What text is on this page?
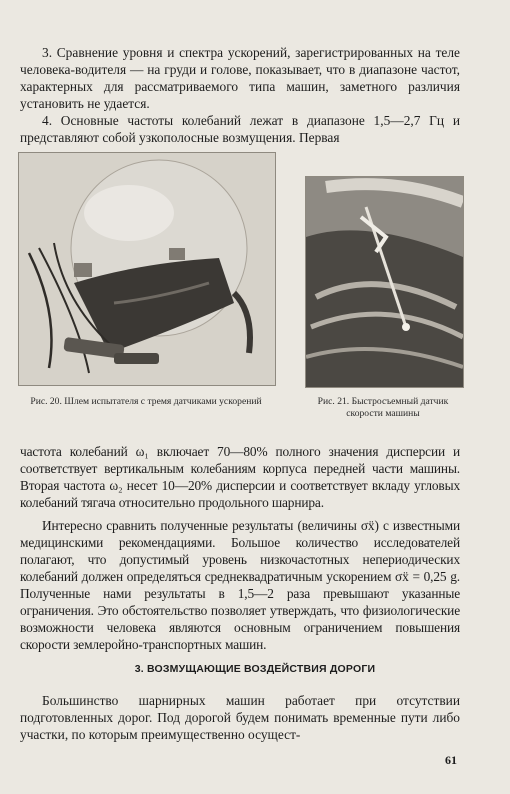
3. Сравнение уровня и спектра ускорений, зарегистрированных на теле человека-водителя — на груди и голове, показывает, что в диапазоне частот, характерных для рассматриваемого типа машин, заметного различия установить не удается.

4. Основные частоты колебаний лежат в диапазоне 1,5—2,7 Гц и представляют собой узкополосные возмущения. Первая

Рис. 20. Шлем испытателя с тремя датчиками ускорений	Рис. 21. Быстросъемный датчик скорости машины

частота колебаний ω₁ включает 70—80% полного значения дисперсии и соответствует вертикальным колебаниям корпуса передней части машины. Вторая частота ω₂ несет 10—20% дисперсии и соответствует вкладу угловых колебаний тягача относительно продольного шарнира.

Интересно сравнить полученные результаты (величины σẍ) с известными медицинскими рекомендациями. Большое количество исследователей полагают, что допустимый уровень низкочастотных непериодических колебаний должен определяться среднеквадратичным ускорением σẍ = 0,25 g. Полученные нами результаты в 1,5—2 раза превышают указанные ограничения. Это обстоятельство позволяет утверждать, что физиологические возможности человека являются основным ограничением повышения скорости землеройно-транспортных машин.

3. ВОЗМУЩАЮЩИЕ ВОЗДЕЙСТВИЯ ДОРОГИ

Большинство шарнирных машин работает при отсутствии подготовленных дорог. Под дорогой будем понимать временные пути либо участки, по которым преимущественно осущест-

61
